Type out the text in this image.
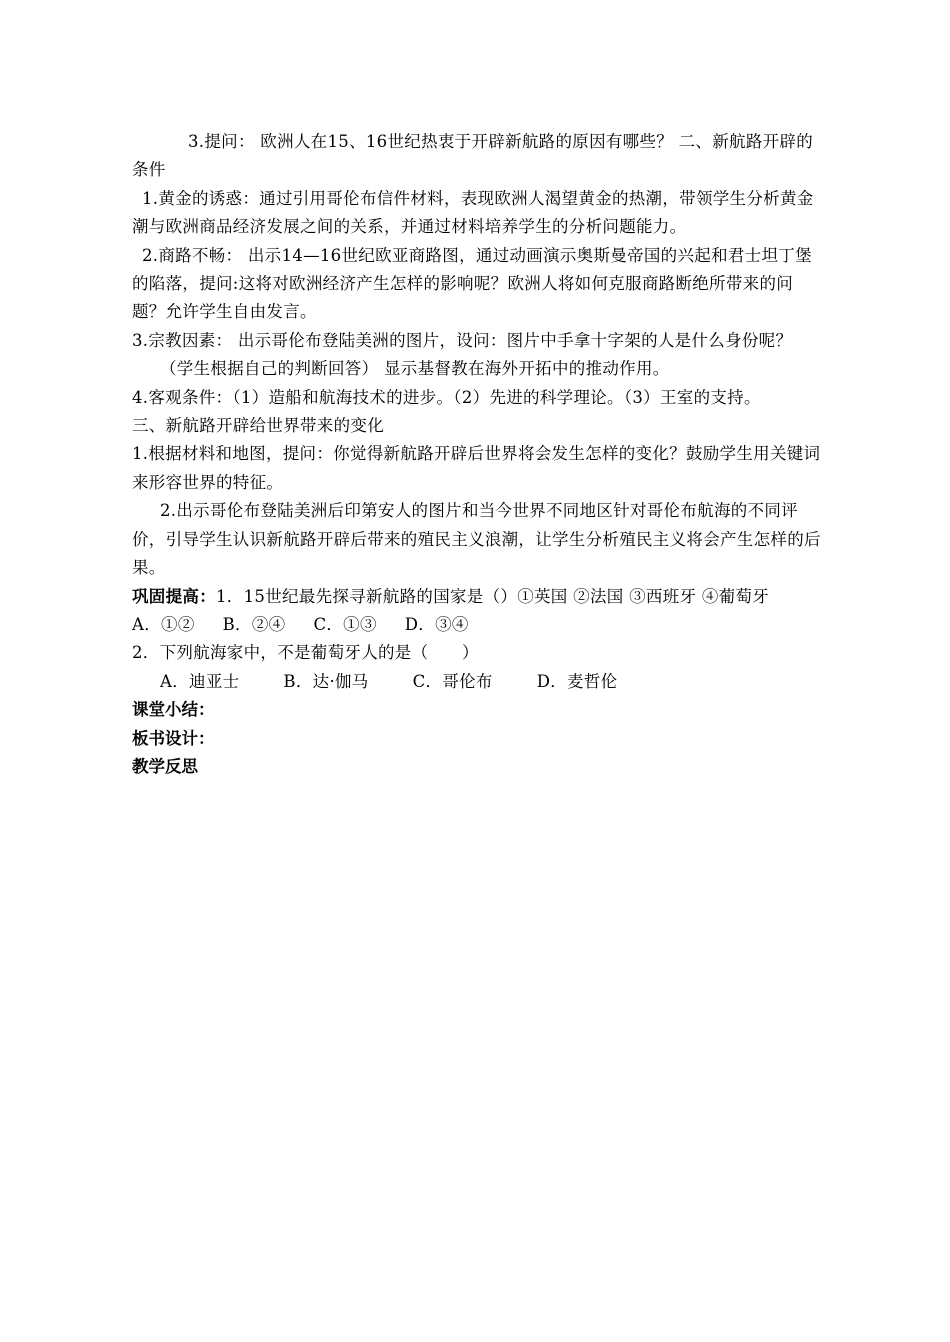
3.提问： 欧洲人在15、16世纪热衷于开辟新航路的原因有哪些？ 二、新航路开辟的条件

1.黄金的诱惑：通过引用哥伦布信件材料，表现欧洲人渴望黄金的热潮，带领学生分析黄金潮与欧洲商品经济发展之间的关系，并通过材料培养学生的分析问题能力。

2.商路不畅： 出示14—16世纪欧亚商路图，通过动画演示奥斯曼帝国的兴起和君士坦丁堡的陷落，提问:这将对欧洲经济产生怎样的影响呢？欧洲人将如何克服商路断绝所带来的问题？允许学生自由发言。

3.宗教因素： 出示哥伦布登陆美洲的图片，设问：图片中手拿十字架的人是什么身份呢？

（学生根据自己的判断回答） 显示基督教在海外开拓中的推动作用。

4.客观条件：（1）造船和航海技术的进步。（2）先进的科学理论。（3）王室的支持。

三、新航路开辟给世界带来的变化

1.根据材料和地图，提问：你觉得新航路开辟后世界将会发生怎样的变化？鼓励学生用关键词来形容世界的特征。

2.出示哥伦布登陆美洲后印第安人的图片和当今世界不同地区针对哥伦布航海的不同评价，引导学生认识新航路开辟后带来的殖民主义浪潮，让学生分析殖民主义将会产生怎样的后果。

巩固提高：1．15世纪最先探寻新航路的国家是（）①英国 ②法国 ③西班牙 ④葡萄牙 A．①② B．②④ C．①③ D．③④

2．下列航海家中，不是葡萄牙人的是（　　）

A．迪亚士	B．达·伽马	C．哥伦布	D．麦哲伦

课堂小结：

板书设计：

教学反思
